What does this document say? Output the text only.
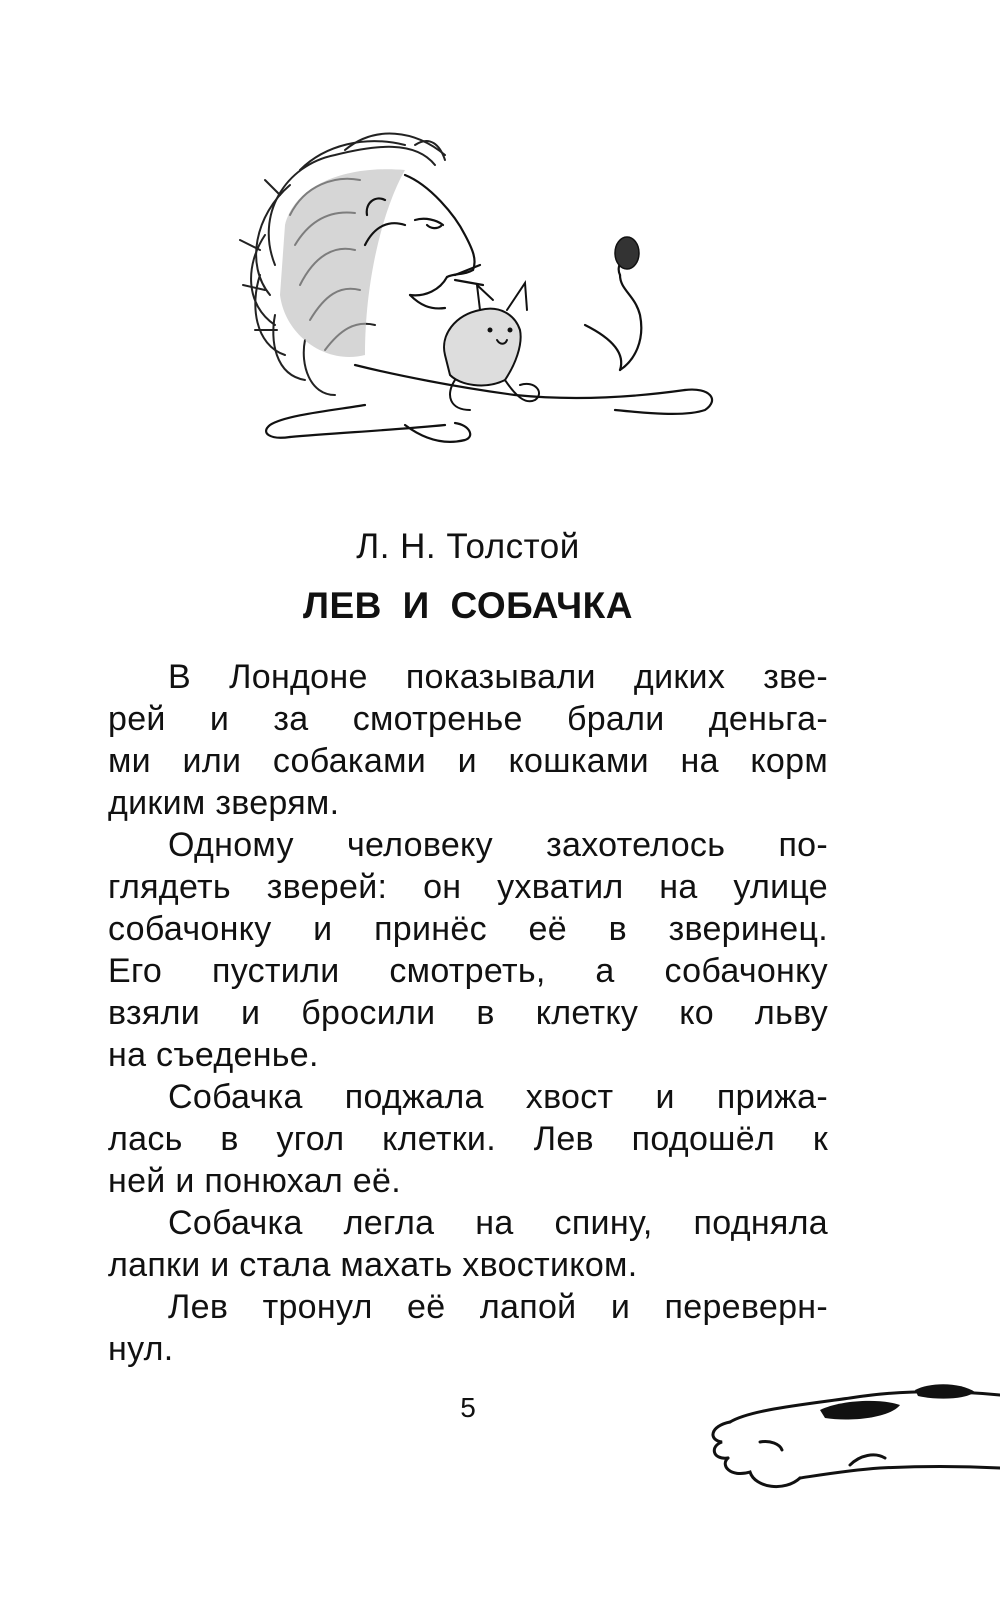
Л. Н. Толстой
ЛЕВ И СОБАЧКА
В Лондоне показывали диких зве-
рей и за смотренье брали деньга-
ми или собаками и кошками на корм
диким зверям.
Одному человеку захотелось по-
глядеть зверей: он ухватил на улице
собачонку и принёс её в зверинец.
Его пустили смотреть, а собачонку
взяли и бросили в клетку ко льву
на съеденье.
Собачка поджала хвост и прижа-
лась в угол клетки. Лев подошёл к
ней и понюхал её.
Собачка легла на спину, подняла
лапки и стала махать хвостиком.
Лев тронул её лапой и переверн-
нул.
5
